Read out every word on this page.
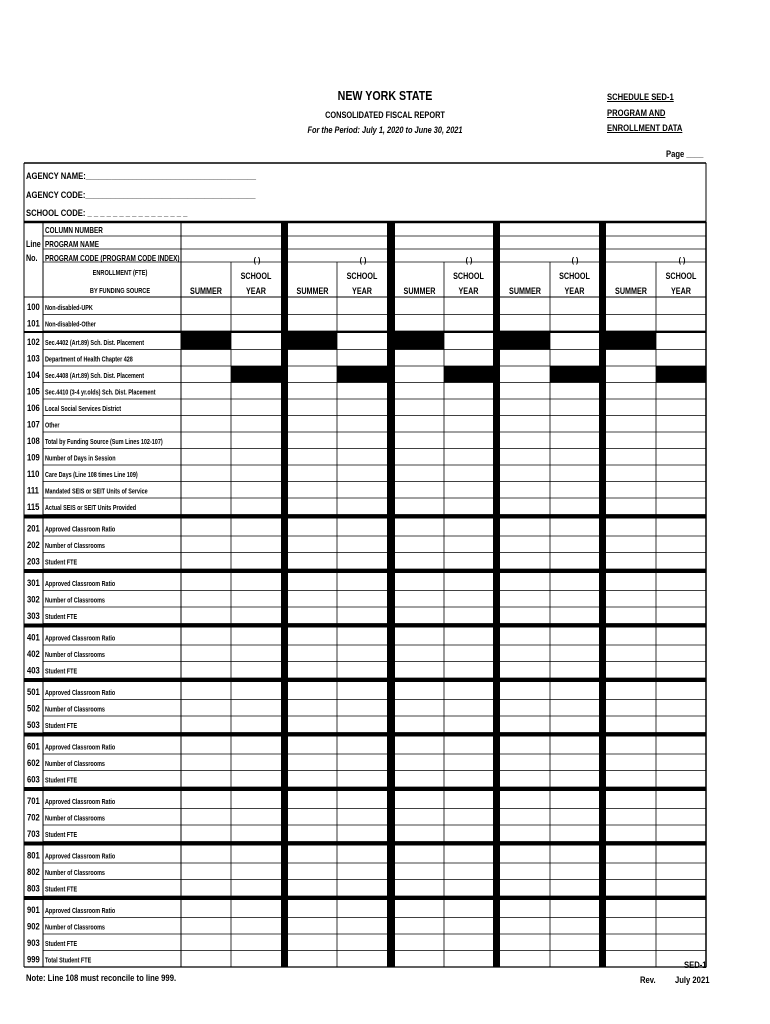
NEW YORK STATE
CONSOLIDATED FISCAL REPORT
For the Period: July 1, 2020 to June 30, 2021
SCHEDULE SED-1
PROGRAM AND
ENROLLMENT DATA
Page ____
AGENCY NAME:________________________________________
AGENCY CODE:________________________________________
SCHOOL CODE: _ _ _ _ _ _ _ _ _ _ _ _ _ _ _ _
COLUMN NUMBER
Line PROGRAM NAME
No. PROGRAM CODE (PROGRAM CODE INDEX)
ENROLLMENT (FTE)
BY FUNDING SOURCE
( )
SUMMER
SCHOOL
YEAR
( )
SUMMER
SCHOOL
YEAR
( )
SUMMER
SCHOOL
YEAR
( )
SUMMER
SCHOOL
YEAR
( )
SUMMER
SCHOOL
YEAR
100 Non-disabled-UPK
101 Non-disabled-Other
102 Sec.4402 (Art.89) Sch. Dist. Placement
103 Department of Health Chapter 428
104 Sec.4408 (Art.89) Sch. Dist. Placement
105 Sec.4410 (3-4 yr.olds) Sch. Dist. Placement
106 Local Social Services District
107 Other
108 Total by Funding Source (Sum Lines 102-107)
109 Number of Days in Session
110 Care Days (Line 108 times Line 109)
111 Mandated SEIS or SEIT Units of Service
115 Actual SEIS or SEIT Units Provided
201 Approved Classroom Ratio
202 Number of Classrooms
203 Student FTE
301 Approved Classroom Ratio
302 Number of Classrooms
303 Student FTE
401 Approved Classroom Ratio
402 Number of Classrooms
403 Student FTE
501 Approved Classroom Ratio
502 Number of Classrooms
503 Student FTE
601 Approved Classroom Ratio
602 Number of Classrooms
603 Student FTE
701 Approved Classroom Ratio
702 Number of Classrooms
703 Student FTE
801 Approved Classroom Ratio
802 Number of Classrooms
803 Student FTE
901 Approved Classroom Ratio
902 Number of Classrooms
903 Student FTE
999 Total Student FTE
Note: Line 108 must reconcile to line 999.
SED-1
Rev. July 2021
